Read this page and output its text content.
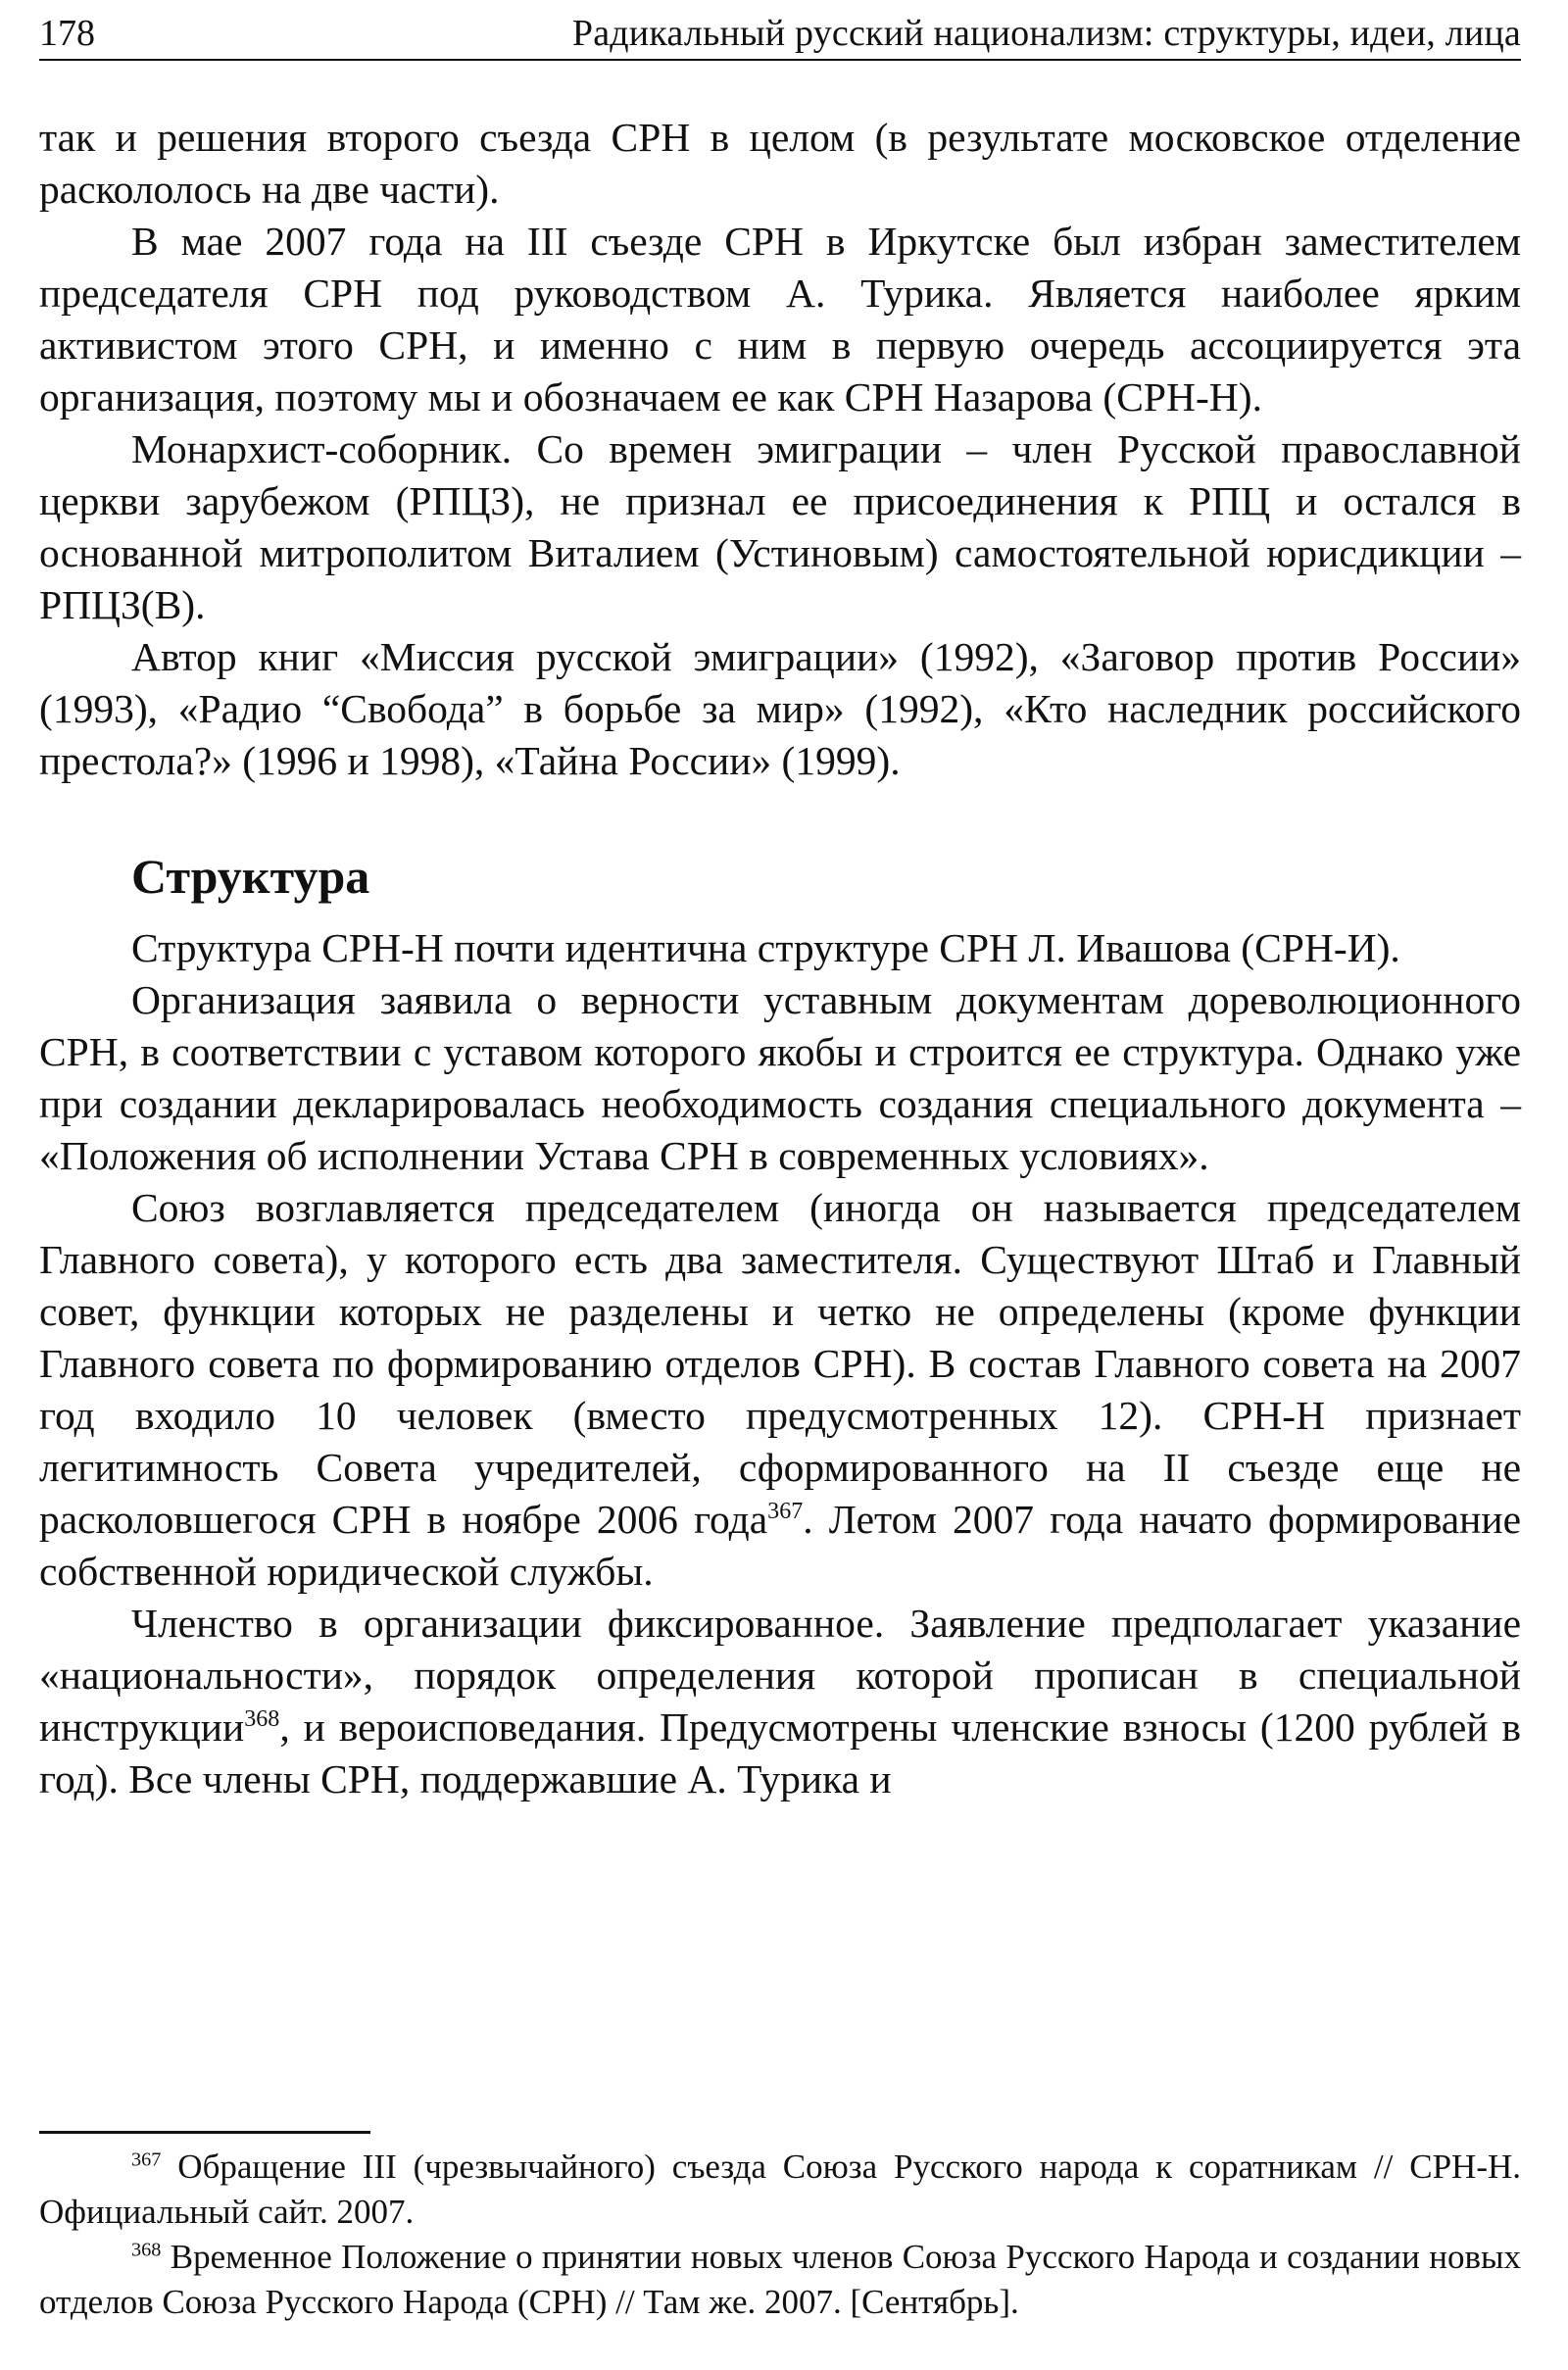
178	Радикальный русский национализм: структуры, идеи, лица

так и решения второго съезда СРН в целом (в результате московское отделение раскололось на две части).

В мае 2007 года на III съезде СРН в Иркутске был избран заместителем председателя СРН под руководством А. Турика. Является наиболее ярким активистом этого СРН, и именно с ним в первую очередь ассоциируется эта организация, поэтому мы и обозначаем ее как СРН Назарова (СРН-Н).

Монархист-соборник. Со времен эмиграции – член Русской православной церкви зарубежом (РПЦЗ), не признал ее присоединения к РПЦ и остался в основанной митрополитом Виталием (Устиновым) самостоятельной юрисдикции – РПЦЗ(В).

Автор книг «Миссия русской эмиграции» (1992), «Заговор против России» (1993), «Радио “Свобода” в борьбе за мир» (1992), «Кто наследник российского престола?» (1996 и 1998), «Тайна России» (1999).

Структура

Структура СРН-Н почти идентична структуре СРН Л. Ивашова (СРН-И).

Организация заявила о верности уставным документам дореволюционного СРН, в соответствии с уставом которого якобы и строится ее структура. Однако уже при создании декларировалась необходимость создания специального документа – «Положения об исполнении Устава СРН в современных условиях».

Союз возглавляется председателем (иногда он называется председателем Главного совета), у которого есть два заместителя. Существуют Штаб и Главный совет, функции которых не разделены и четко не определены (кроме функции Главного совета по формированию отделов СРН). В состав Главного совета на 2007 год входило 10 человек (вместо предусмотренных 12). СРН-Н признает легитимность Совета учредителей, сформированного на II съезде еще не расколовшегося СРН в ноябре 2006 года$^{367}$. Летом 2007 года начато формирование собственной юридической службы.

Членство в организации фиксированное. Заявление предполагает указание «национальности», порядок определения которой прописан в специальной инструкции$^{368}$, и вероисповедания. Предусмотрены членские взносы (1200 рублей в год). Все члены СРН, поддержавшие А. Турика и

$^{367}$ Обращение III (чрезвычайного) съезда Союза Русского народа к соратникам // СРН-Н. Официальный сайт. 2007.

$^{368}$ Временное Положение о принятии новых членов Союза Русского Народа и создании новых отделов Союза Русского Народа (СРН) // Там же. 2007. [Сентябрь].
